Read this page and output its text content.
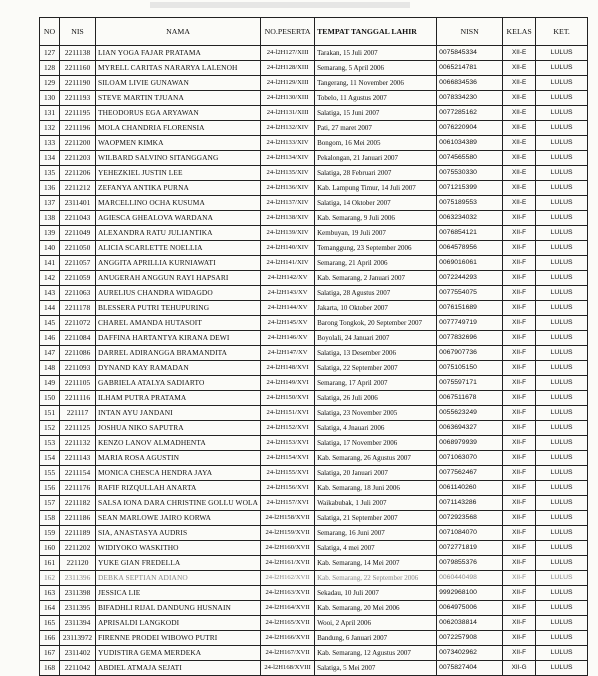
NO	NIS	NAMA	NO.PESERTA	TEMPAT TANGGAL LAHIR	NISN	KELAS	KET.
127	2211138	LIAN YOGA FAJAR PRATAMA	24-l2H127/XIII	Tarakan, 15 Juli 2007	0075845334	XII-E	LULUS
128	2211160	MYRELL CARITAS NARARYA LALENOH	24-l2H128/XIII	Semarang, 5 April 2006	0065214781	XII-E	LULUS
129	2211190	SILOAM LIVIE GUNAWAN	24-l2H129/XIII	Tangerang, 11 November 2006	0066834536	XII-E	LULUS
130	2211193	STEVE MARTIN TJUANA	24-l2H130/XIII	Tobelo, 11 Agustus 2007	0078334230	XII-E	LULUS
131	2211195	THEODORUS EGA ARYAWAN	24-l2H131/XIII	Salatiga, 15 Juni 2007	0077285162	XII-E	LULUS
132	2211196	MOLA CHANDRIA FLORENSIA	24-l2H132/XIV	Pati, 27 maret 2007	0076220904	XII-E	LULUS
133	2211200	WAOPMEN KIMKA	24-l2H133/XIV	Bongom, 16 Mei 2005	0061034389	XII-E	LULUS
134	2211203	WILBARD SALVINO SITANGGANG	24-l2H134/XIV	Pekalongan, 21 Januari 2007	0074565580	XII-E	LULUS
135	2211206	YEHEZKIEL JUSTIN LEE	24-l2H135/XIV	Salatiga, 28 Februari 2007	0075530330	XII-E	LULUS
136	2211212	ZEFANYA ANTIKA PURNA	24-l2H136/XIV	Kab. Lampung Timur, 14 Juli 2007	0071215399	XII-E	LULUS
137	2311401	MARCELLINO OCHA KUSUMA	24-l2H137/XIV	Salatiga, 14 Oktober 2007	0075189553	XII-E	LULUS
138	2211043	AGIESCA GHEALOVA WARDANA	24-l2H138/XIV	Kab. Semarang, 9 Juli 2006	0063234032	XII-F	LULUS
139	2211049	ALEXANDRA RATU JULIANTIKA	24-l2H139/XIV	Kembuyan, 19 Juli 2007	0076854121	XII-F	LULUS
140	2211050	ALICIA SCARLETTE NOELLIA	24-l2H140/XIV	Temanggung, 23 September 2006	0064578956	XII-F	LULUS
141	2211057	ANGGITA APRILLIA KURNIAWATI	24-l2H141/XIV	Semarang, 21 April 2006	0069016061	XII-F	LULUS
142	2211059	ANUGERAH ANGGUN RAYI HAPSARI	24-l2H142/XV	Kab. Semarang, 2 Januari 2007	0072244293	XII-F	LULUS
143	2211063	AURELIUS CHANDRA WIDAGDO	24-l2H143/XV	Salatiga, 28 Agustus 2007	0077554075	XII-F	LULUS
144	2211178	BLESSERA PUTRI TEHUPURING	24-l2H144/XV	Jakarta, 10 Oktober 2007	0076151689	XII-F	LULUS
145	2211072	CHAREL AMANDA HUTASOIT	24-l2H145/XV	Barong Tongkok, 20 September 2007	0077749719	XII-F	LULUS
146	2211084	DAFFINA HARTANTYA KIRANA DEWI	24-l2H146/XV	Boyolali, 24 Januari 2007	0077832696	XII-F	LULUS
147	2211086	DARREL ADIRANGGA BRAMANDITA	24-l2H147/XV	Salatiga, 13 Desember 2006	0067907736	XII-F	LULUS
148	2211093	DYNAND KAY RAMADAN	24-l2H148/XVI	Salatiga, 22 September 2007	0075105150	XII-F	LULUS
149	2211105	GABRIELA ATALYA SADIARTO	24-l2H149/XVI	Semarang, 17 April 2007	0075597171	XII-F	LULUS
150	2211116	ILHAM PUTRA PRATAMA	24-l2H150/XVI	Salatiga, 26 Juli 2006	0067511678	XII-F	LULUS
151	221117	INTAN AYU JANDANI	24-l2H151/XVI	Salatiga, 23 November 2005	0055623249	XII-F	LULUS
152	2211125	JOSHUA NIKO SAPUTRA	24-l2H152/XVI	Salatiga, 4 Jnauari 2006	0063694327	XII-F	LULUS
153	2211132	KENZO LANOV ALMADHENTA	24-l2H153/XVI	Salatiga, 17 November 2006	0068979939	XII-F	LULUS
154	2211143	MARIA ROSA AGUSTIN	24-l2H154/XVI	Kab. Semarang, 26 Agustus 2007	0071063070	XII-F	LULUS
155	2211154	MONICA CHESCA HENDRA JAYA	24-l2H155/XVI	Salatiga, 20 Januari 2007	0077562467	XII-F	LULUS
156	2211176	RAFIF RIZQULLAH ANARTA	24-l2H156/XVI	Kab. Semarang, 18 Juni 2006	0061140260	XII-F	LULUS
157	2211182	SALSA IONA DARA CHRISTINE GOLLU WOLA	24-l2H157/XVI	Waikabubak, 1 Juli 2007	0071143286	XII-F	LULUS
158	2211186	SEAN MARLOWE JAIRO KORWA	24-l2H158/XVII	Salatiga, 21 September 2007	0072923568	XII-F	LULUS
159	2211189	SIA, ANASTASYA AUDRIS	24-l2H159/XVII	Semarang, 16 Juni 2007	0071084070	XII-F	LULUS
160	2211202	WIDIYOKO WASKITHO	24-l2H160/XVII	Salatiga, 4 mei 2007	0072771819	XII-F	LULUS
161	221120	YUKE GIAN FREDELLA	24-l2H161/XVII	Kab. Semarang, 14 Mei 2007	0079855376	XII-F	LULUS
162	2311396	DEBKA SEPTIAN ADIANO	24-l2H162/XVII	Kab. Semarang, 22 September 2006	0060440498	XII-F	LULUS
163	2311398	JESSICA LIE	24-l2H163/XVII	Sekadau, 10 Juli 2007	9992968100	XII-F	LULUS
164	2311395	BIFADHLI RIJAL DANDUNG HUSNAIN	24-l2H164/XVII	Kab. Semarang, 20 Mei 2006	0064975006	XII-F	LULUS
165	2311394	APRISALDI LANGKODI	24-l2H165/XVII	Wooi, 2 April 2006	0062038814	XII-F	LULUS
166	23113972	FIRENNE PRODEI WIBOWO PUTRI	24-l2H166/XVII	Bandung, 6 Januari 2007	0072257908	XII-F	LULUS
167	2311402	YUDISTIRA GEMA MERDEKA	24-l2H167/XVII	Kab. Semarang, 12 Agustus 2007	0073402962	XII-F	LULUS
168	2211042	ABDIEL ATMAJA SEJATI	24-l2H168/XVIII	Salatiga, 5 Mei 2007	0075827404	XII-G	LULUS
